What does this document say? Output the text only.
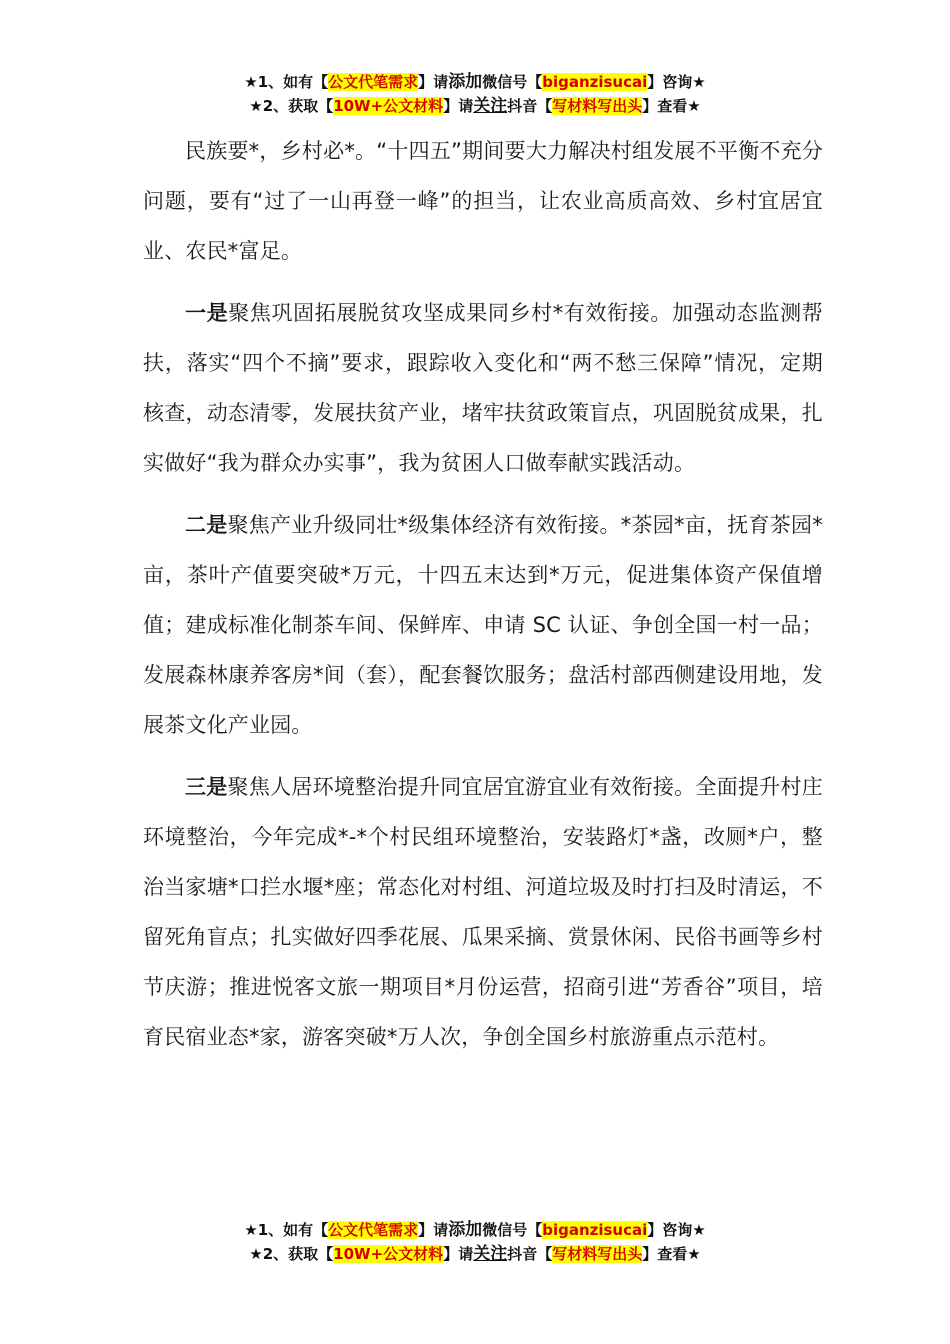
★1、如有【公文代笔需求】请添加微信号【biganzisucai】咨询★
★2、获取【10W+公文材料】请关注抖音【写材料写出头】查看★

民族要*，乡村必*。“十四五”期间要大力解决村组发展不平衡不充分问题，要有“过了一山再登一峰”的担当，让农业高质高效、乡村宜居宜业、农民*富足。

一是聚焦巩固拓展脱贫攻坚成果同乡村*有效衔接。加强动态监测帮扶，落实“四个不摘”要求，跟踪收入变化和“两不愁三保障”情况，定期核查，动态清零，发展扶贫产业，堵牢扶贫政策盲点，巩固脱贫成果，扎实做好“我为群众办实事”，我为贫困人口做奉献实践活动。

二是聚焦产业升级同壮*级集体经济有效衔接。*茶园*亩，抚育茶园*亩，茶叶产值要突破*万元，十四五末达到*万元，促进集体资产保值增值；建成标准化制茶车间、保鲜库、申请 SC 认证、争创全国一村一品；发展森林康养客房*间（套），配套餐饮服务；盘活村部西侧建设用地，发展茶文化产业园。

三是聚焦人居环境整治提升同宜居宜游宜业有效衔接。全面提升村庄环境整治，今年完成*-*个村民组环境整治，安装路灯*盏，改厕*户，整治当家塘*口拦水堰*座；常态化对村组、河道垃圾及时打扫及时清运，不留死角盲点；扎实做好四季花展、瓜果采摘、赏景休闲、民俗书画等乡村节庆游；推进悦客文旅一期项目*月份运营，招商引进“芳香谷”项目，培育民宿业态*家，游客突破*万人次，争创全国乡村旅游重点示范村。

★1、如有【公文代笔需求】请添加微信号【biganzisucai】咨询★
★2、获取【10W+公文材料】请关注抖音【写材料写出头】查看★
